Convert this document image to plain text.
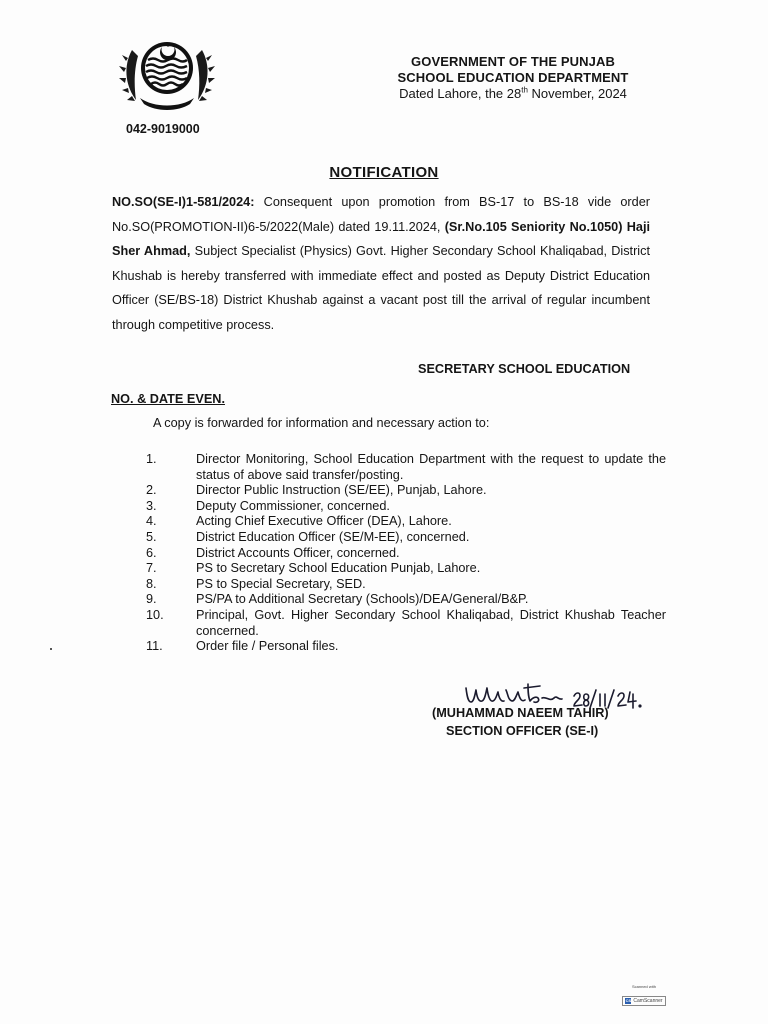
GOVERNMENT OF THE PUNJAB
SCHOOL EDUCATION DEPARTMENT
Dated Lahore, the 28th November, 2024
042-9019000
NOTIFICATION
NO.SO(SE-I)1-581/2024: Consequent upon promotion from BS-17 to BS-18 vide order No.SO(PROMOTION-II)6-5/2022(Male) dated 19.11.2024, (Sr.No.105 Seniority No.1050) Haji Sher Ahmad, Subject Specialist (Physics) Govt. Higher Secondary School Khaliqabad, District Khushab is hereby transferred with immediate effect and posted as Deputy District Education Officer (SE/BS-18) District Khushab against a vacant post till the arrival of regular incumbent through competitive process.
SECRETARY SCHOOL EDUCATION
NO. & DATE EVEN.
A copy is forwarded for information and necessary action to:
1.	Director Monitoring, School Education Department with the request to update the status of above said transfer/posting.
2.	Director Public Instruction (SE/EE), Punjab, Lahore.
3.	Deputy Commissioner, concerned.
4.	Acting Chief Executive Officer (DEA), Lahore.
5.	District Education Officer (SE/M-EE), concerned.
6.	District Accounts Officer, concerned.
7.	PS to Secretary School Education Punjab, Lahore.
8.	PS to Special Secretary, SED.
9.	PS/PA to Additional Secretary (Schools)/DEA/General/B&P.
10.	Principal, Govt. Higher Secondary School Khaliqabad, District Khushab Teacher concerned.
11.	Order file / Personal files.
(MUHAMMAD NAEEM TAHIR)
SECTION OFFICER (SE-I)
Scanned with
CS CamScanner
